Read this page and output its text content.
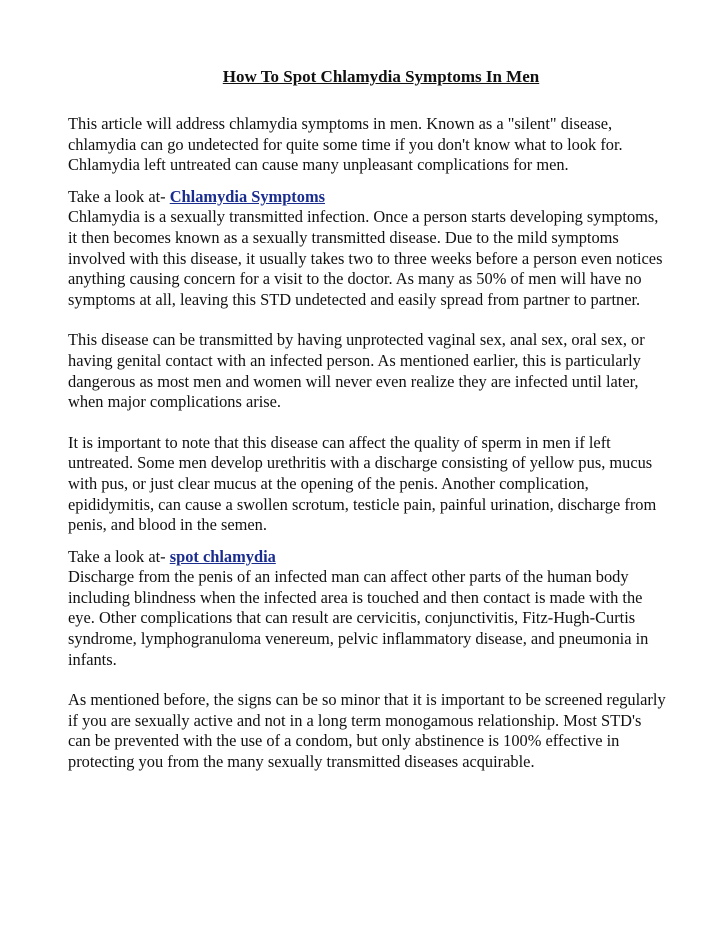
How To Spot Chlamydia Symptoms In Men

This article will address chlamydia symptoms in men. Known as a "silent" disease, chlamydia can go undetected for quite some time if you don't know what to look for. Chlamydia left untreated can cause many unpleasant complications for men.

Take a look at- Chlamydia Symptoms

Chlamydia is a sexually transmitted infection. Once a person starts developing symptoms, it then becomes known as a sexually transmitted disease. Due to the mild symptoms involved with this disease, it usually takes two to three weeks before a person even notices anything causing concern for a visit to the doctor. As many as 50% of men will have no symptoms at all, leaving this STD undetected and easily spread from partner to partner.

This disease can be transmitted by having unprotected vaginal sex, anal sex, oral sex, or having genital contact with an infected person. As mentioned earlier, this is particularly dangerous as most men and women will never even realize they are infected until later, when major complications arise.

It is important to note that this disease can affect the quality of sperm in men if left untreated. Some men develop urethritis with a discharge consisting of yellow pus, mucus with pus, or just clear mucus at the opening of the penis. Another complication, epididymitis, can cause a swollen scrotum, testicle pain, painful urination, discharge from penis, and blood in the semen.

Take a look at- spot chlamydia

Discharge from the penis of an infected man can affect other parts of the human body including blindness when the infected area is touched and then contact is made with the eye. Other complications that can result are cervicitis, conjunctivitis, Fitz-Hugh-Curtis syndrome, lymphogranuloma venereum, pelvic inflammatory disease, and pneumonia in infants.

As mentioned before, the signs can be so minor that it is important to be screened regularly if you are sexually active and not in a long term monogamous relationship. Most STD's can be prevented with the use of a condom, but only abstinence is 100% effective in protecting you from the many sexually transmitted diseases acquirable.
